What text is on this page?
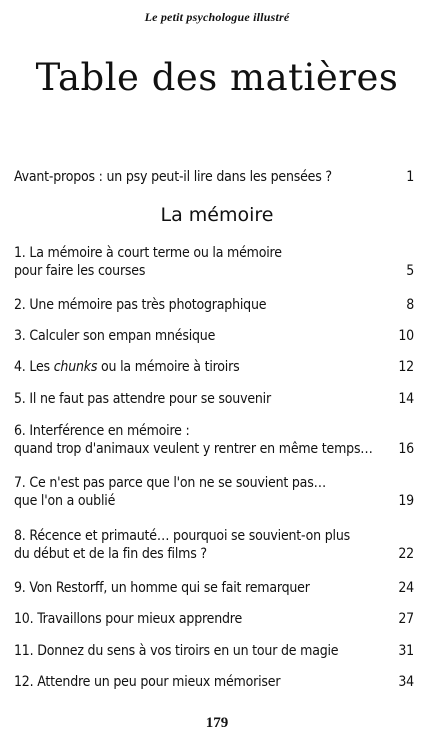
Le petit psychologue illustré
Table des matières
Avant-propos : un psy peut-il lire dans les pensées ?	1
La mémoire
1. La mémoire à court terme ou la mémoire
pour faire les courses	5
2. Une mémoire pas très photographique	8
3. Calculer son empan mnésique	10
4. Les chunks ou la mémoire à tiroirs	12
5. Il ne faut pas attendre pour se souvenir	14
6. Interférence en mémoire :
quand trop d'animaux veulent y rentrer en même temps…	16
7. Ce n'est pas parce que l'on ne se souvient pas…
que l'on a oublié	19
8. Récence et primauté… pourquoi se souvient-on plus
du début et de la fin des films ?	22
9. Von Restorff, un homme qui se fait remarquer	24
10. Travaillons pour mieux apprendre	27
11. Donnez du sens à vos tiroirs en un tour de magie	31
12. Attendre un peu pour mieux mémoriser	34
179
